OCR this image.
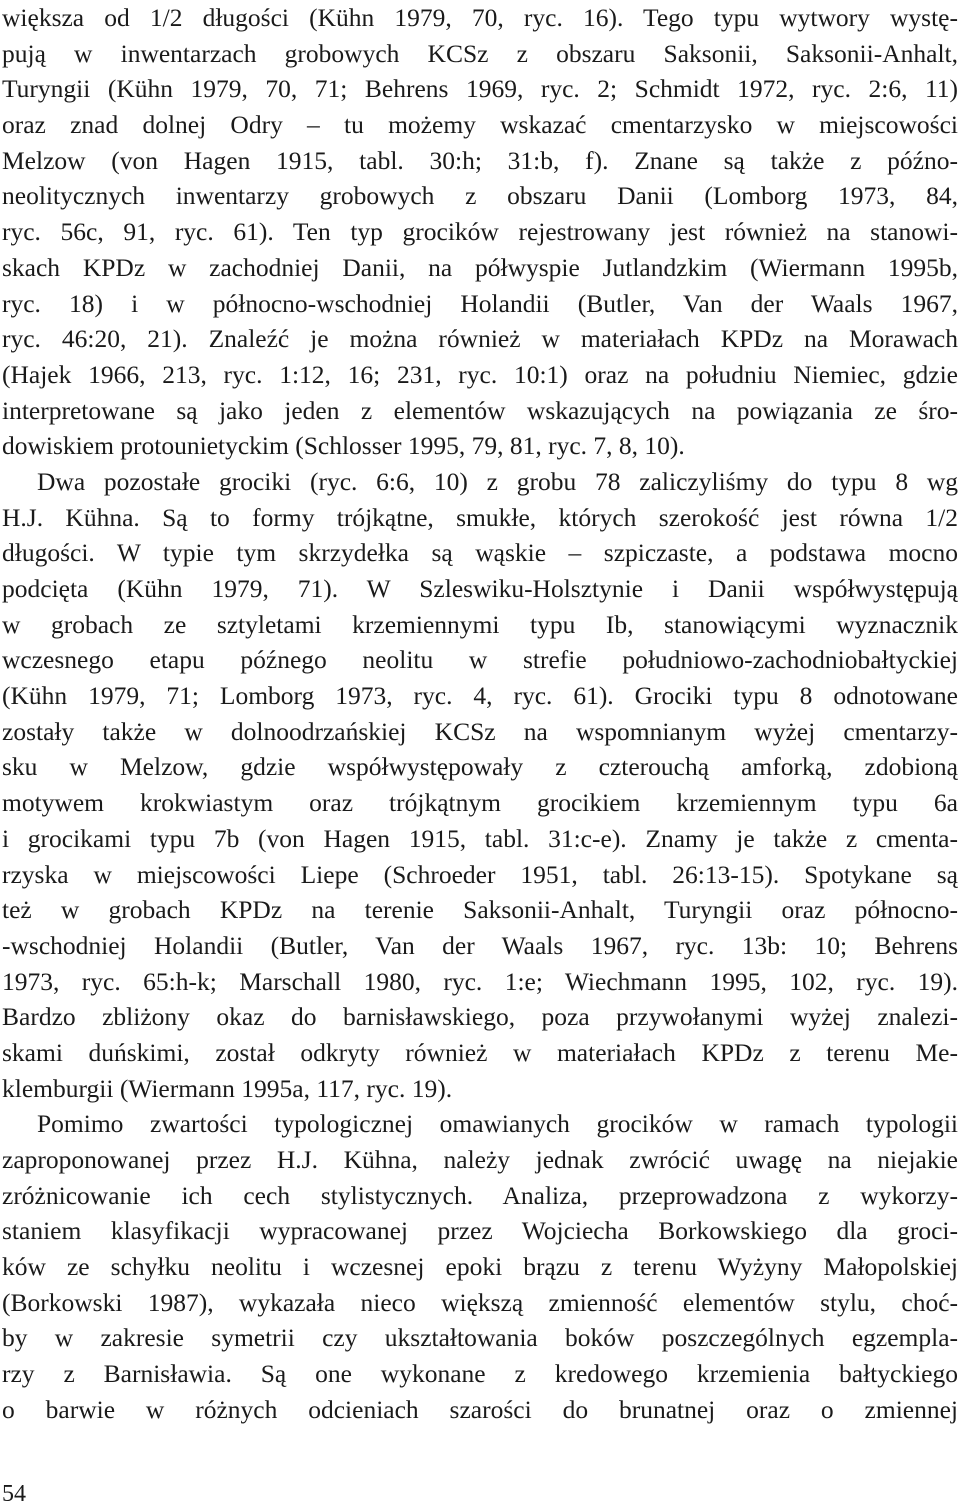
większa od 1/2 długości (Kühn 1979, 70, ryc. 16). Tego typu wytwory wystę-
pują w inwentarzach grobowych KCSz z obszaru Saksonii, Saksonii-Anhalt,
Turyngii (Kühn 1979, 70, 71; Behrens 1969, ryc. 2; Schmidt 1972, ryc. 2:6, 11)
oraz znad dolnej Odry – tu możemy wskazać cmentarzysko w miejscowości
Melzow (von Hagen 1915, tabl. 30:h; 31:b, f). Znane są także z późno-
neolitycznych inwentarzy grobowych z obszaru Danii (Lomborg 1973, 84,
ryc. 56c, 91, ryc. 61). Ten typ grocików rejestrowany jest również na stanowi-
skach KPDz w zachodniej Danii, na półwyspie Jutlandzkim (Wiermann 1995b,
ryc. 18) i w północno-wschodniej Holandii (Butler, Van der Waals 1967,
ryc. 46:20, 21). Znaleźć je można również w materiałach KPDz na Morawach
(Hajek 1966, 213, ryc. 1:12, 16; 231, ryc. 10:1) oraz na południu Niemiec, gdzie
interpretowane są jako jeden z elementów wskazujących na powiązania ze śro-
dowiskiem protounietyckim (Schlosser 1995, 79, 81, ryc. 7, 8, 10).
Dwa pozostałe grociki (ryc. 6:6, 10) z grobu 78 zaliczyliśmy do typu 8 wg
H.J. Kühna. Są to formy trójkątne, smukłe, których szerokość jest równa 1/2
długości. W typie tym skrzydełka są wąskie – szpiczaste, a podstawa mocno
podcięta (Kühn 1979, 71). W Szleswiku-Holsztynie i Danii współwystępują
w grobach ze sztyletami krzemiennymi typu Ib, stanowiącymi wyznacznik
wczesnego etapu późnego neolitu w strefie południowo-zachodniobałtyckiej
(Kühn 1979, 71; Lomborg 1973, ryc. 4, ryc. 61). Grociki typu 8 odnotowane
zostały także w dolnoodrzańskiej KCSz na wspomnianym wyżej cmentarzy-
sku w Melzow, gdzie współwystępowały z czterouchą amforką, zdobioną
motywem krokwiastym oraz trójkątnym grocikiem krzemiennym typu 6a
i grocikami typu 7b (von Hagen 1915, tabl. 31:c-e). Znamy je także z cmenta-
rzyska w miejscowości Liepe (Schroeder 1951, tabl. 26:13-15). Spotykane są
też w grobach KPDz na terenie Saksonii-Anhalt, Turyngii oraz północno-
-wschodniej Holandii (Butler, Van der Waals 1967, ryc. 13b: 10; Behrens
1973, ryc. 65:h-k; Marschall 1980, ryc. 1:e; Wiechmann 1995, 102, ryc. 19).
Bardzo zbliżony okaz do barnisławskiego, poza przywołanymi wyżej znalezi-
skami duńskimi, został odkryty również w materiałach KPDz z terenu Me-
klemburgii (Wiermann 1995a, 117, ryc. 19).
Pomimo zwartości typologicznej omawianych grocików w ramach typologii
zaproponowanej przez H.J. Kühna, należy jednak zwrócić uwagę na niejakie
zróżnicowanie ich cech stylistycznych. Analiza, przeprowadzona z wykorzy-
staniem klasyfikacji wypracowanej przez Wojciecha Borkowskiego dla groci-
ków ze schyłku neolitu i wczesnej epoki brązu z terenu Wyżyny Małopolskiej
(Borkowski 1987), wykazała nieco większą zmienność elementów stylu, choć-
by w zakresie symetrii czy ukształtowania boków poszczególnych egzempla-
rzy z Barnisławia. Są one wykonane z kredowego krzemienia bałtyckiego
o barwie w różnych odcieniach szarości do brunatnej oraz o zmiennej
54
